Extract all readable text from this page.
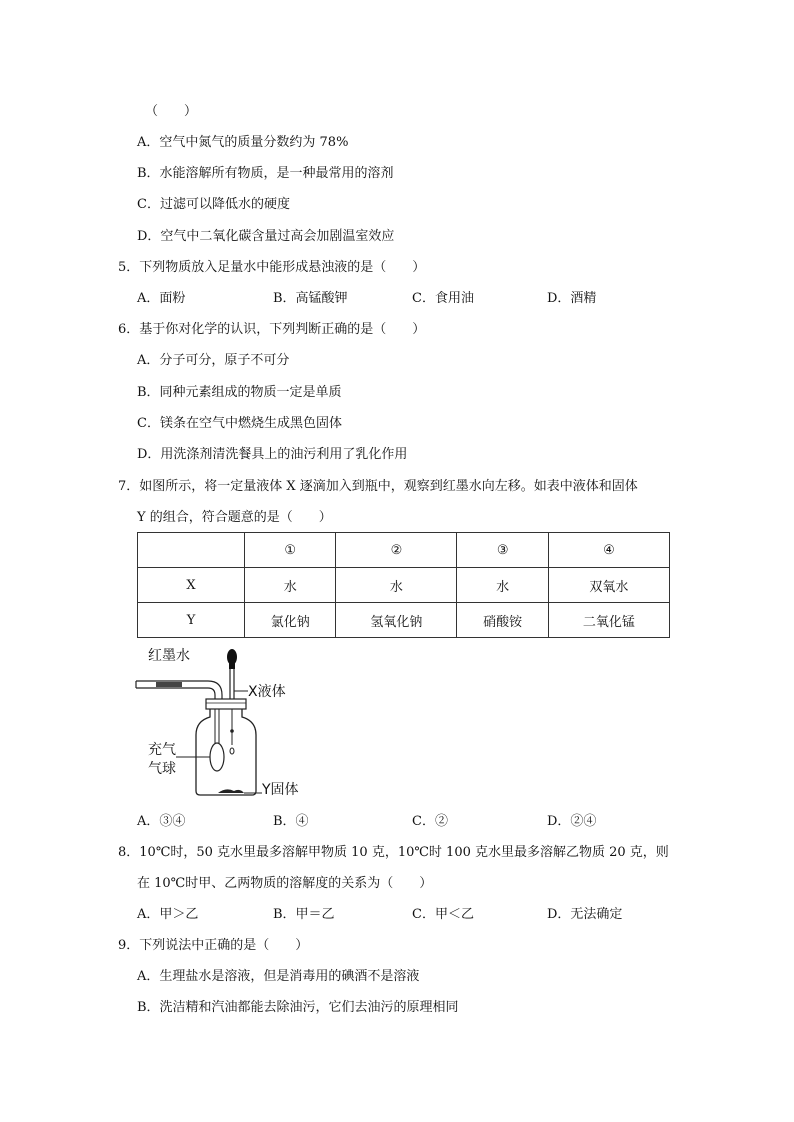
（　　）
A．空气中氮气的质量分数约为 78%
B．水能溶解所有物质，是一种最常用的溶剂
C．过滤可以降低水的硬度
D．空气中二氧化碳含量过高会加剧温室效应
5．下列物质放入足量水中能形成悬浊液的是（　　）
A．面粉	B．高锰酸钾	C．食用油	D．酒精
6．基于你对化学的认识，下列判断正确的是（　　）
A．分子可分，原子不可分
B．同种元素组成的物质一定是单质
C．镁条在空气中燃烧生成黑色固体
D．用洗涤剂清洗餐具上的油污利用了乳化作用
7．如图所示，将一定量液体 X 逐滴加入到瓶中，观察到红墨水向左移。如表中液体和固体
Y 的组合，符合题意的是（　　）
	①	②	③	④
X	水	水	水	双氧水
Y	氯化钠	氢氧化钠	硝酸铵	二氧化锰
红墨水
X液体
充气
气球
Y固体
A．③④	B．④	C．②	D．②④
8．10℃时，50 克水里最多溶解甲物质 10 克，10℃时 100 克水里最多溶解乙物质 20 克，则
在 10℃时甲、乙两物质的溶解度的关系为（　　）
A．甲＞乙	B．甲＝乙	C．甲＜乙	D．无法确定
9．下列说法中正确的是（　　）
A．生理盐水是溶液，但是消毒用的碘酒不是溶液
B．洗洁精和汽油都能去除油污，它们去油污的原理相同
